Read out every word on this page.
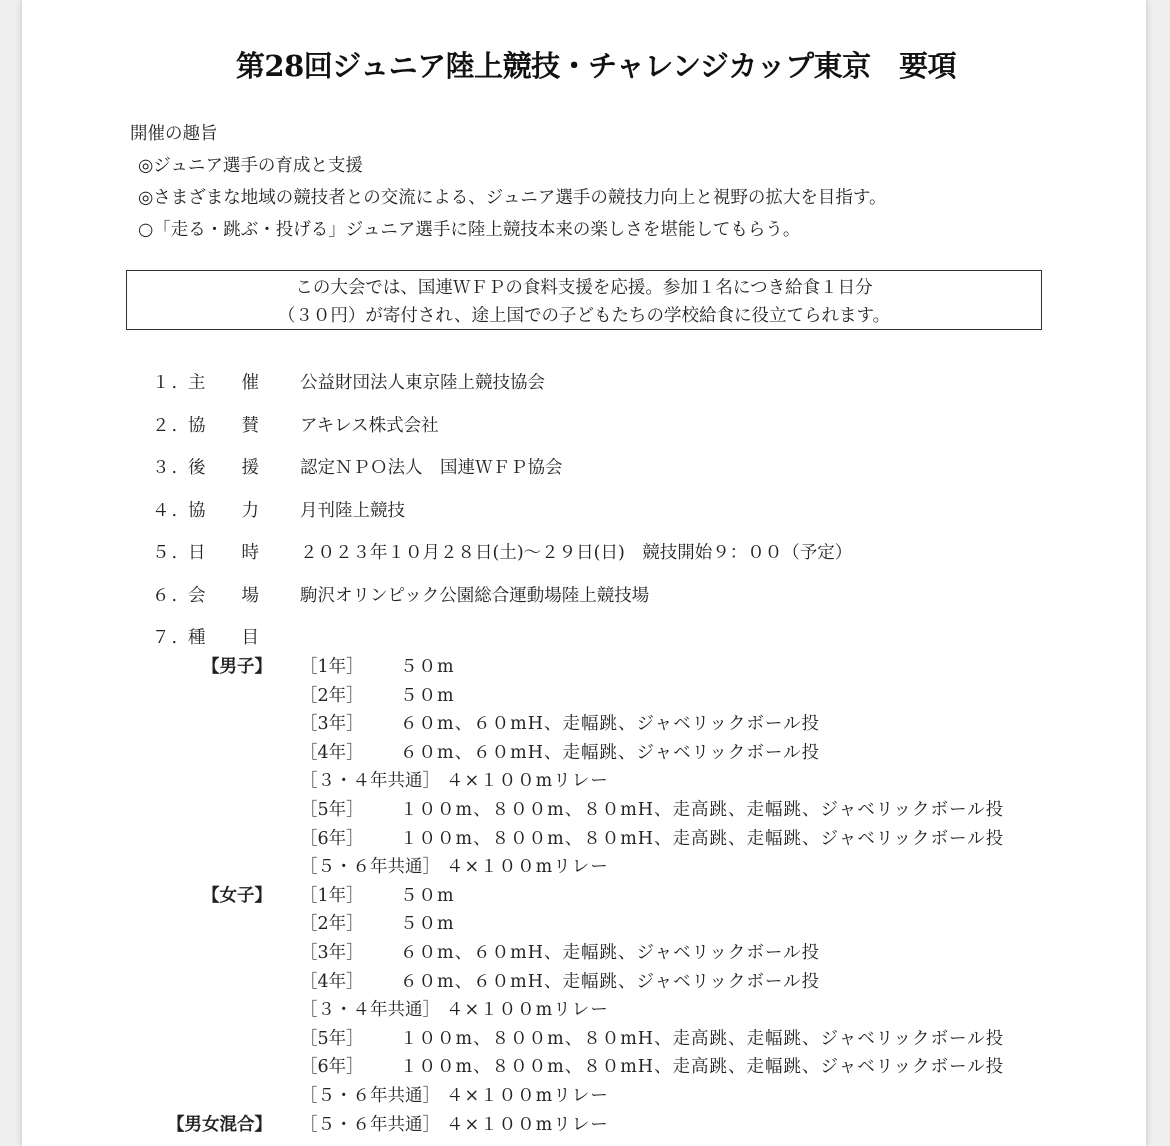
第28回ジュニア陸上競技・チャレンジカップ東京　要項
開催の趣旨
◎ジュニア選手の育成と支援
◎さまざまな地域の競技者との交流による、ジュニア選手の競技力向上と視野の拡大を目指す。
○「走る・跳ぶ・投げる」ジュニア選手に陸上競技本来の楽しさを堪能してもらう。
この大会では、国連ＷＦＰの食料支援を応援。参加１名につき給食１日分
（３０円）が寄付され、途上国での子どもたちの学校給食に役立てられます。
１. 主催 公益財団法人東京陸上競技協会
２. 協賛 アキレス株式会社
３. 後援 認定ＮＰＯ法人　国連ＷＦＰ協会
４. 協力 月刊陸上競技
５. 日時 ２０２３年１０月２８日(土)～２９日(日)　競技開始９：００（予定）
６. 会場 駒沢オリンピック公園総合運動場陸上競技場
７. 種目
【男子】 ［1年］ ５０m
［2年］ ５０m
［3年］ ６０m、６０mH、走幅跳、ジャベリックボール投
［4年］ ６０m、６０mH、走幅跳、ジャベリックボール投
［３・４年共通］ ４×１００mリレー
［5年］ １００m、８００m、８０mH、走高跳、走幅跳、ジャベリックボール投
［6年］ １００m、８００m、８０mH、走高跳、走幅跳、ジャベリックボール投
［５・６年共通］ ４×１００mリレー
【女子】 ［1年］ ５０m
［2年］ ５０m
［3年］ ６０m、６０mH、走幅跳、ジャベリックボール投
［4年］ ６０m、６０mH、走幅跳、ジャベリックボール投
［３・４年共通］ ４×１００mリレー
［5年］ １００m、８００m、８０mH、走高跳、走幅跳、ジャベリックボール投
［6年］ １００m、８００m、８０mH、走高跳、走幅跳、ジャベリックボール投
［５・６年共通］ ４×１００mリレー
【男女混合】 ［５・６年共通］ ４×１００mリレー
